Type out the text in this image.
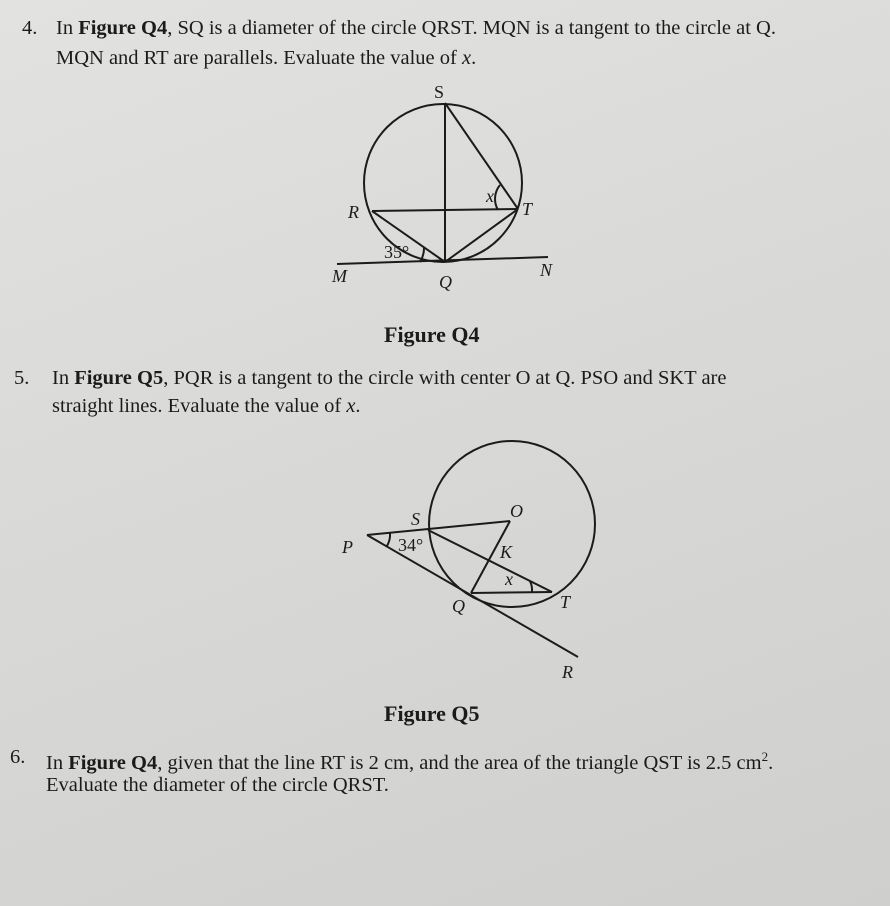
4. In Figure Q4, SQ is a diameter of the circle QRST. MQN is a tangent to the circle at Q.
MQN and RT are parallels. Evaluate the value of x.
S
R	T
M	Q
N
x
35°
S	O
P	K
x
Q	T
R
34°
Figure Q4
5. In Figure Q5, PQR is a tangent to the circle with center O at Q. PSO and SKT are
straight lines. Evaluate the value of x.
Figure Q5
6. In Figure Q4, given that the line RT is 2 cm, and the area of the triangle QST is 2.5 $cm^2$.
Evaluate the diameter of the circle QRST.
